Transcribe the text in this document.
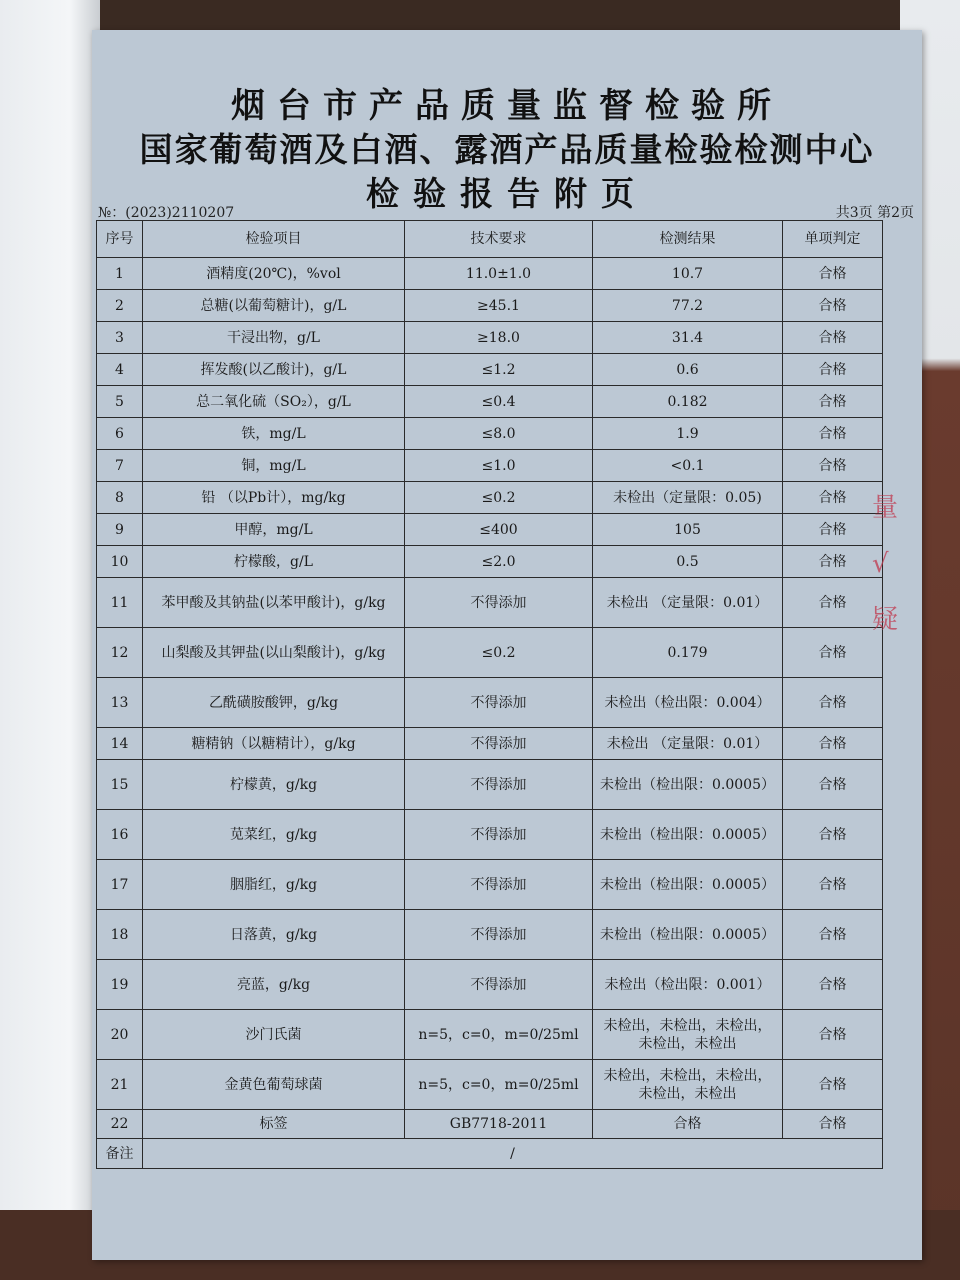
烟台市产品质量监督检验所
国家葡萄酒及白酒、露酒产品质量检验检测中心
检验报告附页
№：(2023)2110207	共3页 第2页
序号	检验项目	技术要求	检测结果	单项判定
1	酒精度(20℃)，%vol	11.0±1.0	10.7	合格
2	总糖(以葡萄糖计)，g/L	≥45.1	77.2	合格
3	干浸出物，g/L	≥18.0	31.4	合格
4	挥发酸(以乙酸计)，g/L	≤1.2	0.6	合格
5	总二氧化硫（SO₂），g/L	≤0.4	0.182	合格
6	铁，mg/L	≤8.0	1.9	合格
7	铜，mg/L	≤1.0	<0.1	合格
8	铅 （以Pb计），mg/kg	≤0.2	未检出（定量限：0.05)	合格
9	甲醇，mg/L	≤400	105	合格
10	柠檬酸，g/L	≤2.0	0.5	合格
11	苯甲酸及其钠盐(以苯甲酸计)，g/kg	不得添加	未检出 （定量限：0.01）	合格
12	山梨酸及其钾盐(以山梨酸计)，g/kg	≤0.2	0.179	合格
13	乙酰磺胺酸钾，g/kg	不得添加	未检出（检出限：0.004）	合格
14	糖精钠（以糖精计），g/kg	不得添加	未检出 （定量限：0.01）	合格
15	柠檬黄，g/kg	不得添加	未检出（检出限：0.0005）	合格
16	苋菜红，g/kg	不得添加	未检出（检出限：0.0005）	合格
17	胭脂红，g/kg	不得添加	未检出（检出限：0.0005）	合格
18	日落黄，g/kg	不得添加	未检出（检出限：0.0005）	合格
19	亮蓝，g/kg	不得添加	未检出（检出限：0.001）	合格
20	沙门氏菌	n=5，c=0，m=0/25ml	未检出，未检出，未检出，未检出，未检出	合格
21	金黄色葡萄球菌	n=5，c=0，m=0/25ml	未检出，未检出，未检出，未检出，未检出	合格
22	标签	GB7718-2011	合格	合格
备注	/			
量 √ 疑
